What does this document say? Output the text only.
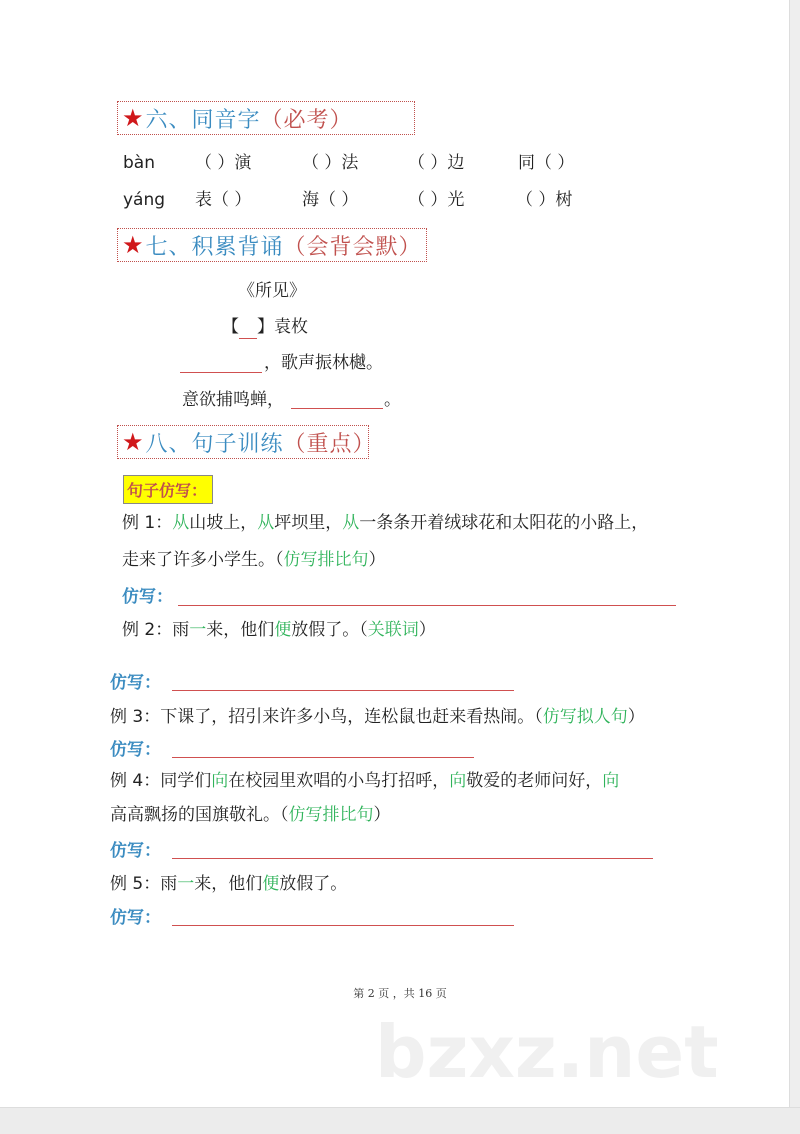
★ 六、同音字 （必考）
bàn （ ）演	（ ）法	（ ）边	同（ ）
yáng 表（ ）	海（ ）	（ ）光	（ ）树
★ 七、积累背诵 （会背会默）
《所见》
【 】袁枚
，歌声振林樾。
意欲捕鸣蝉，	。
★ 八、句子训练 （重点）
句子仿写：
例 1：从山坡上，从坪坝里，从一条条开着绒球花和太阳花的小路上，
走来了许多小学生。（仿写排比句）
仿写：
例 2：雨一来，他们便放假了。（关联词）
仿写：
例 3：下课了，招引来许多小鸟，连松鼠也赶来看热闹。（仿写拟人句）
仿写：
例 4：同学们向在校园里欢唱的小鸟打招呼，向敬爱的老师问好，向
高高飘扬的国旗敬礼。（仿写排比句）
仿写：
例 5：雨一来，他们便放假了。
仿写：
第 2 页 ，共 16 页
bzxz.net
